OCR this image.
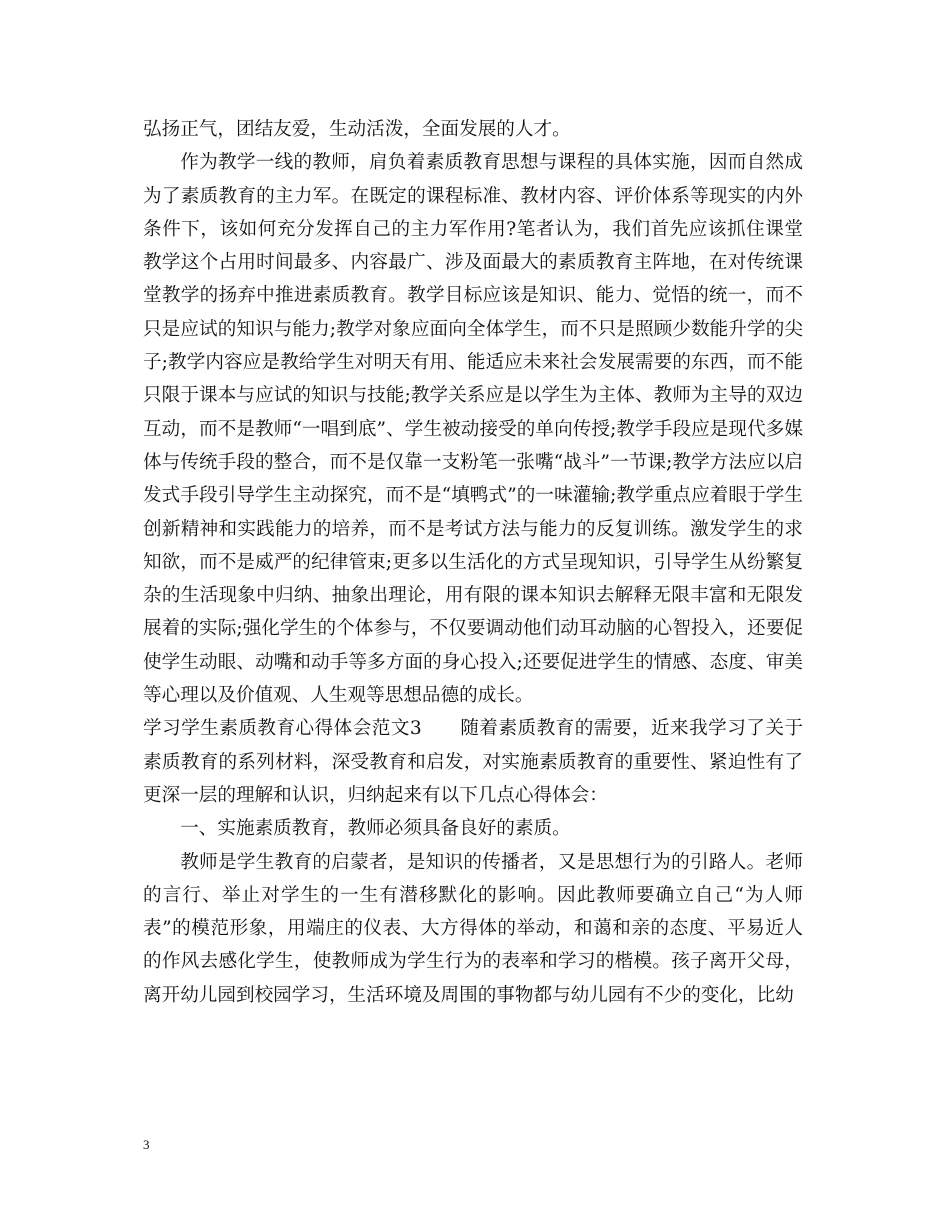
弘扬正气，团结友爱，生动活泼，全面发展的人才。

作为教学一线的教师，肩负着素质教育思想与课程的具体实施，因而自然成为了素质教育的主力军。在既定的课程标准、教材内容、评价体系等现实的内外条件下，该如何充分发挥自己的主力军作用?笔者认为，我们首先应该抓住课堂教学这个占用时间最多、内容最广、涉及面最大的素质教育主阵地，在对传统课堂教学的扬弃中推进素质教育。教学目标应该是知识、能力、觉悟的统一，而不只是应试的知识与能力;教学对象应面向全体学生，而不只是照顾少数能升学的尖子;教学内容应是教给学生对明天有用、能适应未来社会发展需要的东西，而不能只限于课本与应试的知识与技能;教学关系应是以学生为主体、教师为主导的双边互动，而不是教师“一唱到底”、学生被动接受的单向传授;教学手段应是现代多媒体与传统手段的整合，而不是仅靠一支粉笔一张嘴“战斗”一节课;教学方法应以启发式手段引导学生主动探究，而不是“填鸭式”的一味灌输;教学重点应着眼于学生创新精神和实践能力的培养，而不是考试方法与能力的反复训练。激发学生的求知欲，而不是威严的纪律管束;更多以生活化的方式呈现知识，引导学生从纷繁复杂的生活现象中归纳、抽象出理论，用有限的课本知识去解释无限丰富和无限发展着的实际;强化学生的个体参与，不仅要调动他们动耳动脑的心智投入，还要促使学生动眼、动嘴和动手等多方面的身心投入;还要促进学生的情感、态度、审美等心理以及价值观、人生观等思想品德的成长。

学习学生素质教育心得体会范文3　　随着素质教育的需要，近来我学习了关于素质教育的系列材料，深受教育和启发，对实施素质教育的重要性、紧迫性有了更深一层的理解和认识，归纳起来有以下几点心得体会：

一、实施素质教育，教师必须具备良好的素质。

教师是学生教育的启蒙者，是知识的传播者，又是思想行为的引路人。老师的言行、举止对学生的一生有潜移默化的影响。因此教师要确立自己“为人师表”的模范形象，用端庄的仪表、大方得体的举动，和蔼和亲的态度、平易近人的作风去感化学生，使教师成为学生行为的表率和学习的楷模。孩子离开父母，离开幼儿园到校园学习，生活环境及周围的事物都与幼儿园有不少的变化，比幼

3
